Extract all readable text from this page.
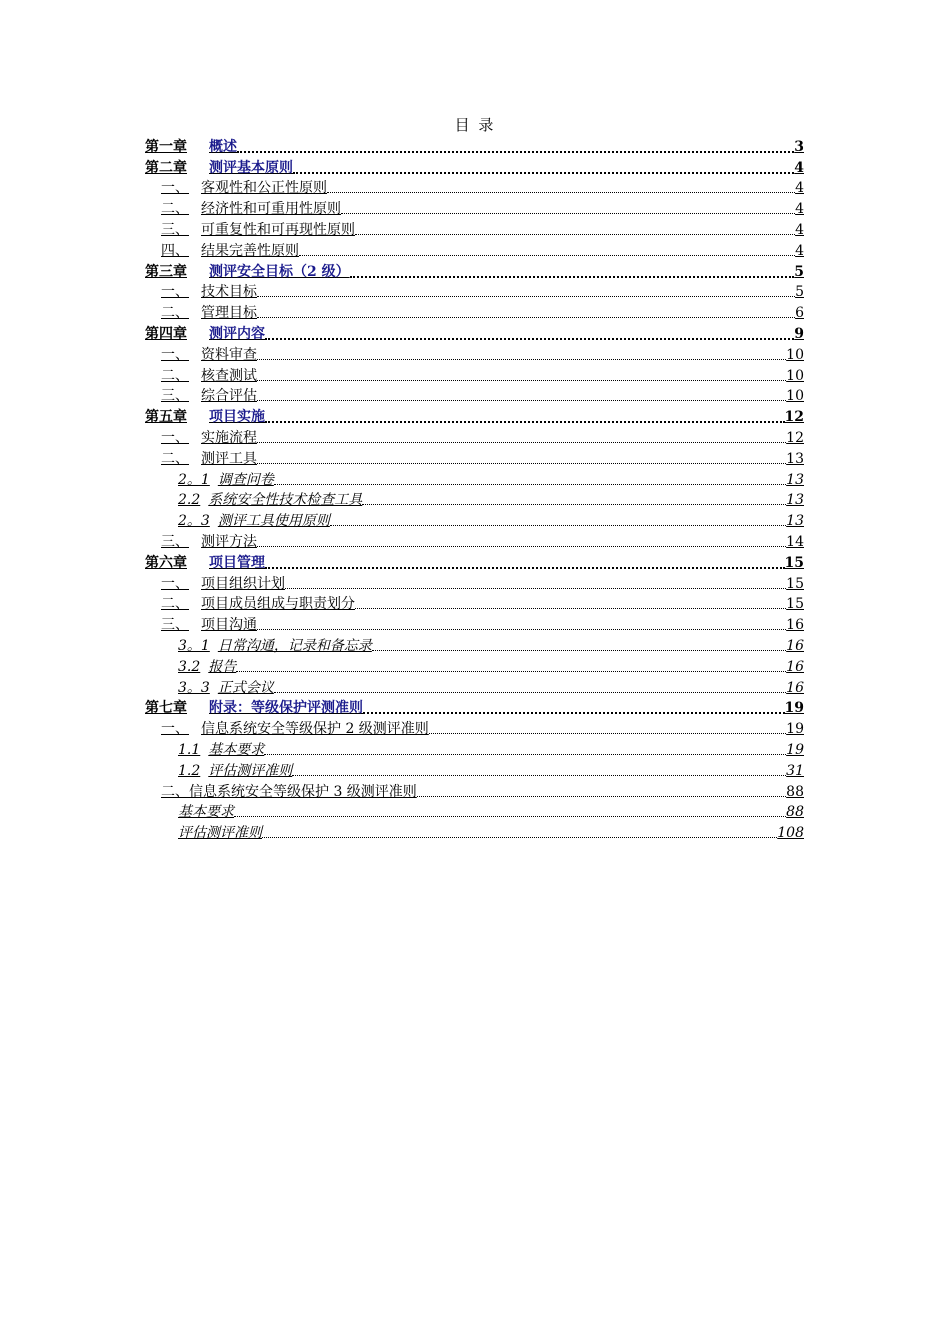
目 录
第一章	概述	3
第二章	测评基本原则	4
一、 客观性和公正性原则	4
二、 经济性和可重用性原则	4
三、 可重复性和可再现性原则	4
四、 结果完善性原则	4
第三章	测评安全目标（2 级）	5
一、 技术目标	5
二、 管理目标	6
第四章	测评内容	9
一、 资料审查	10
二、 核查测试	10
三、 综合评估	10
第五章	项目实施	12
一、 实施流程	12
二、 测评工具	13
2。1 调查问卷	13
2.2 系统安全性技术检查工具	13
2。3 测评工具使用原则	13
三、 测评方法	14
第六章	项目管理	15
一、 项目组织计划	15
二、 项目成员组成与职责划分	15
三、 项目沟通	16
3。1 日常沟通，记录和备忘录	16
3.2 报告	16
3。3 正式会议	16
第七章	附录：等级保护评测准则	19
一、 信息系统安全等级保护 2 级测评准则	19
1.1 基本要求	19
1.2 评估测评准则	31
二、 信息系统安全等级保护 3 级测评准则	88
基本要求	88
评估测评准则	108
